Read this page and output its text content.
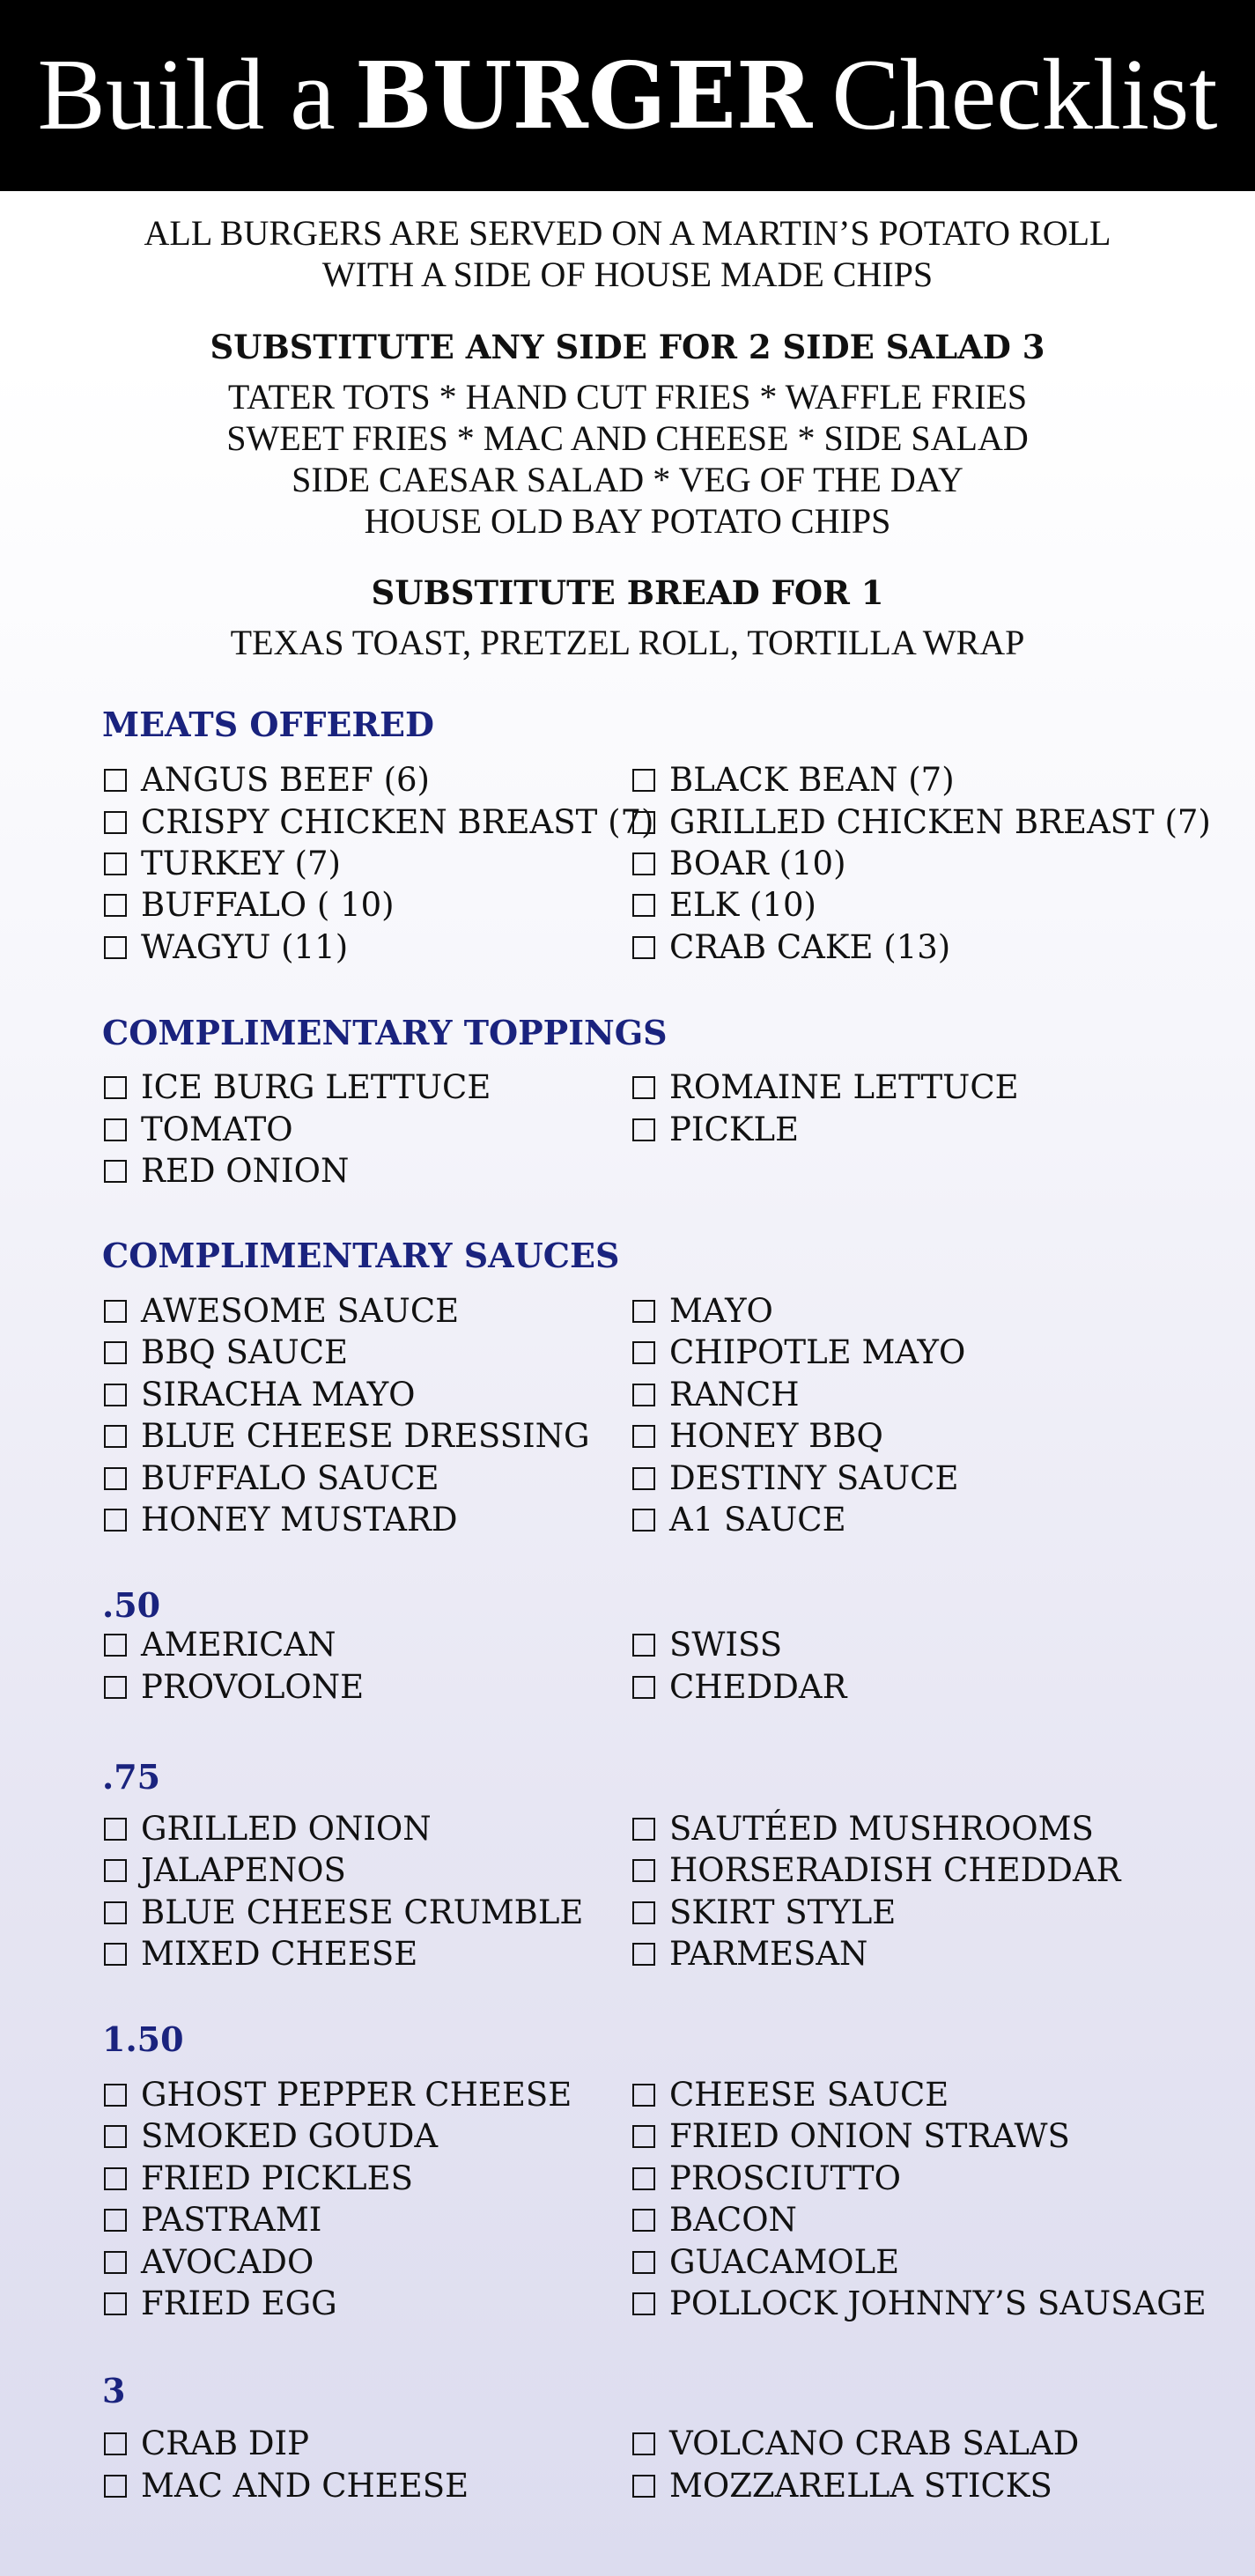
Build a BURGER Checklist
ALL BURGERS ARE SERVED ON A MARTIN’S POTATO ROLL
WITH A SIDE OF HOUSE MADE CHIPS
SUBSTITUTE ANY SIDE FOR 2 SIDE SALAD 3
TATER TOTS * HAND CUT FRIES * WAFFLE FRIES
SWEET FRIES * MAC AND CHEESE * SIDE SALAD
SIDE CAESAR SALAD * VEG OF THE DAY
HOUSE OLD BAY POTATO CHIPS
SUBSTITUTE BREAD FOR 1
TEXAS TOAST, PRETZEL ROLL, TORTILLA WRAP
MEATS OFFERED
ANGUS BEEF (6)
CRISPY CHICKEN BREAST (7)
TURKEY (7)
BUFFALO ( 10)
WAGYU (11)
BLACK BEAN (7)
GRILLED CHICKEN BREAST (7)
BOAR (10)
ELK (10)
CRAB CAKE (13)
COMPLIMENTARY TOPPINGS
ICE BURG LETTUCE
TOMATO
RED ONION
ROMAINE LETTUCE
PICKLE
COMPLIMENTARY SAUCES
AWESOME SAUCE
BBQ SAUCE
SIRACHA MAYO
BLUE CHEESE DRESSING
BUFFALO SAUCE
HONEY MUSTARD
MAYO
CHIPOTLE MAYO
RANCH
HONEY BBQ
DESTINY SAUCE
A1 SAUCE
.50
AMERICAN
PROVOLONE
SWISS
CHEDDAR
.75
GRILLED ONION
JALAPENOS
BLUE CHEESE CRUMBLE
MIXED CHEESE
SAUTÉED MUSHROOMS
HORSERADISH CHEDDAR
SKIRT STYLE
PARMESAN
1.50
GHOST PEPPER CHEESE
SMOKED GOUDA
FRIED PICKLES
PASTRAMI
AVOCADO
FRIED EGG
CHEESE SAUCE
FRIED ONION STRAWS
PROSCIUTTO
BACON
GUACAMOLE
POLLOCK JOHNNY’S SAUSAGE
3
CRAB DIP
MAC AND CHEESE
VOLCANO CRAB SALAD
MOZZARELLA STICKS
